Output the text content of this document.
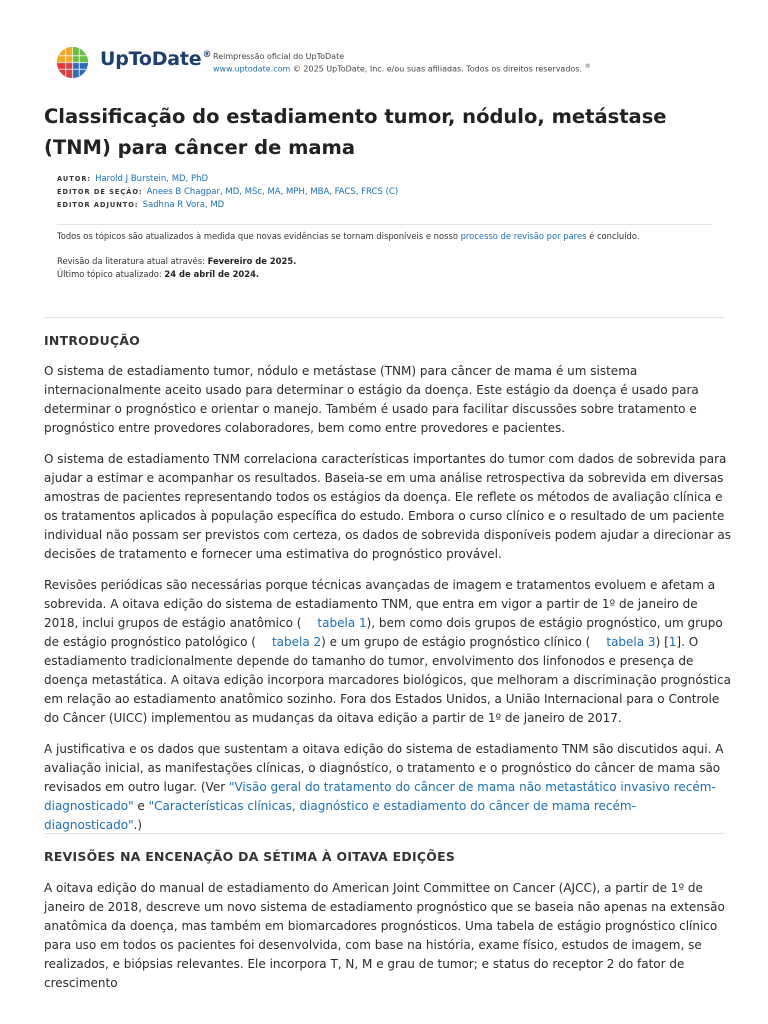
UpToDate® Reimpressão oficial do UpToDate
www.uptodate.com © 2025 UpToDate, Inc. e/ou suas afiliadas. Todos os direitos reservados. ®
Classificação do estadiamento tumor, nódulo, metástase (TNM) para câncer de mama
AUTOR: Harold J Burstein, MD, PhD
EDITOR DE SEÇÃO: Anees B Chagpar, MD, MSc, MA, MPH, MBA, FACS, FRCS (C)
EDITOR ADJUNTO: Sadhna R Vora, MD
Todos os tópicos são atualizados à medida que novas evidências se tornam disponíveis e nosso processo de revisão por pares é concluído.
Revisão da literatura atual através: Fevereiro de 2025.
Último tópico atualizado: 24 de abril de 2024.
INTRODUÇÃO

O sistema de estadiamento tumor, nódulo e metástase (TNM) para câncer de mama é um sistema internacionalmente aceito usado para determinar o estágio da doença. Este estágio da doença é usado para determinar o prognóstico e orientar o manejo. Também é usado para facilitar discussões sobre tratamento e prognóstico entre provedores colaboradores, bem como entre provedores e pacientes.

O sistema de estadiamento TNM correlaciona características importantes do tumor com dados de sobrevida para ajudar a estimar e acompanhar os resultados. Baseia-se em uma análise retrospectiva da sobrevida em diversas amostras de pacientes representando todos os estágios da doença. Ele reflete os métodos de avaliação clínica e os tratamentos aplicados à população específica do estudo. Embora o curso clínico e o resultado de um paciente individual não possam ser previstos com certeza, os dados de sobrevida disponíveis podem ajudar a direcionar as decisões de tratamento e fornecer uma estimativa do prognóstico provável.

Revisões periódicas são necessárias porque técnicas avançadas de imagem e tratamentos evoluem e afetam a sobrevida. A oitava edição do sistema de estadiamento TNM, que entra em vigor a partir de 1º de janeiro de 2018, inclui grupos de estágio anatômico ( tabela 1), bem como dois grupos de estágio prognóstico, um grupo de estágio prognóstico patológico ( tabela 2) e um grupo de estágio prognóstico clínico ( tabela 3) [1]. O estadiamento tradicionalmente depende do tamanho do tumor, envolvimento dos linfonodos e presença de doença metastática. A oitava edição incorpora marcadores biológicos, que melhoram a discriminação prognóstica em relação ao estadiamento anatômico sozinho. Fora dos Estados Unidos, a União Internacional para o Controle do Câncer (UICC) implementou as mudanças da oitava edição a partir de 1º de janeiro de 2017.

A justificativa e os dados que sustentam a oitava edição do sistema de estadiamento TNM são discutidos aqui. A avaliação inicial, as manifestações clínicas, o diagnóstico, o tratamento e o prognóstico do câncer de mama são revisados em outro lugar. (Ver "Visão geral do tratamento do câncer de mama não metastático invasivo recém-diagnosticado" e "Características clínicas, diagnóstico e estadiamento do câncer de mama recém-diagnosticado".)

REVISÕES NA ENCENAÇÃO DA SÉTIMA À OITAVA EDIÇÕES

A oitava edição do manual de estadiamento do American Joint Committee on Cancer (AJCC), a partir de 1º de janeiro de 2018, descreve um novo sistema de estadiamento prognóstico que se baseia não apenas na extensão anatômica da doença, mas também em biomarcadores prognósticos. Uma tabela de estágio prognóstico clínico para uso em todos os pacientes foi desenvolvida, com base na história, exame físico, estudos de imagem, se realizados, e biópsias relevantes. Ele incorpora T, N, M e grau de tumor; e status do receptor 2 do fator de crescimento
